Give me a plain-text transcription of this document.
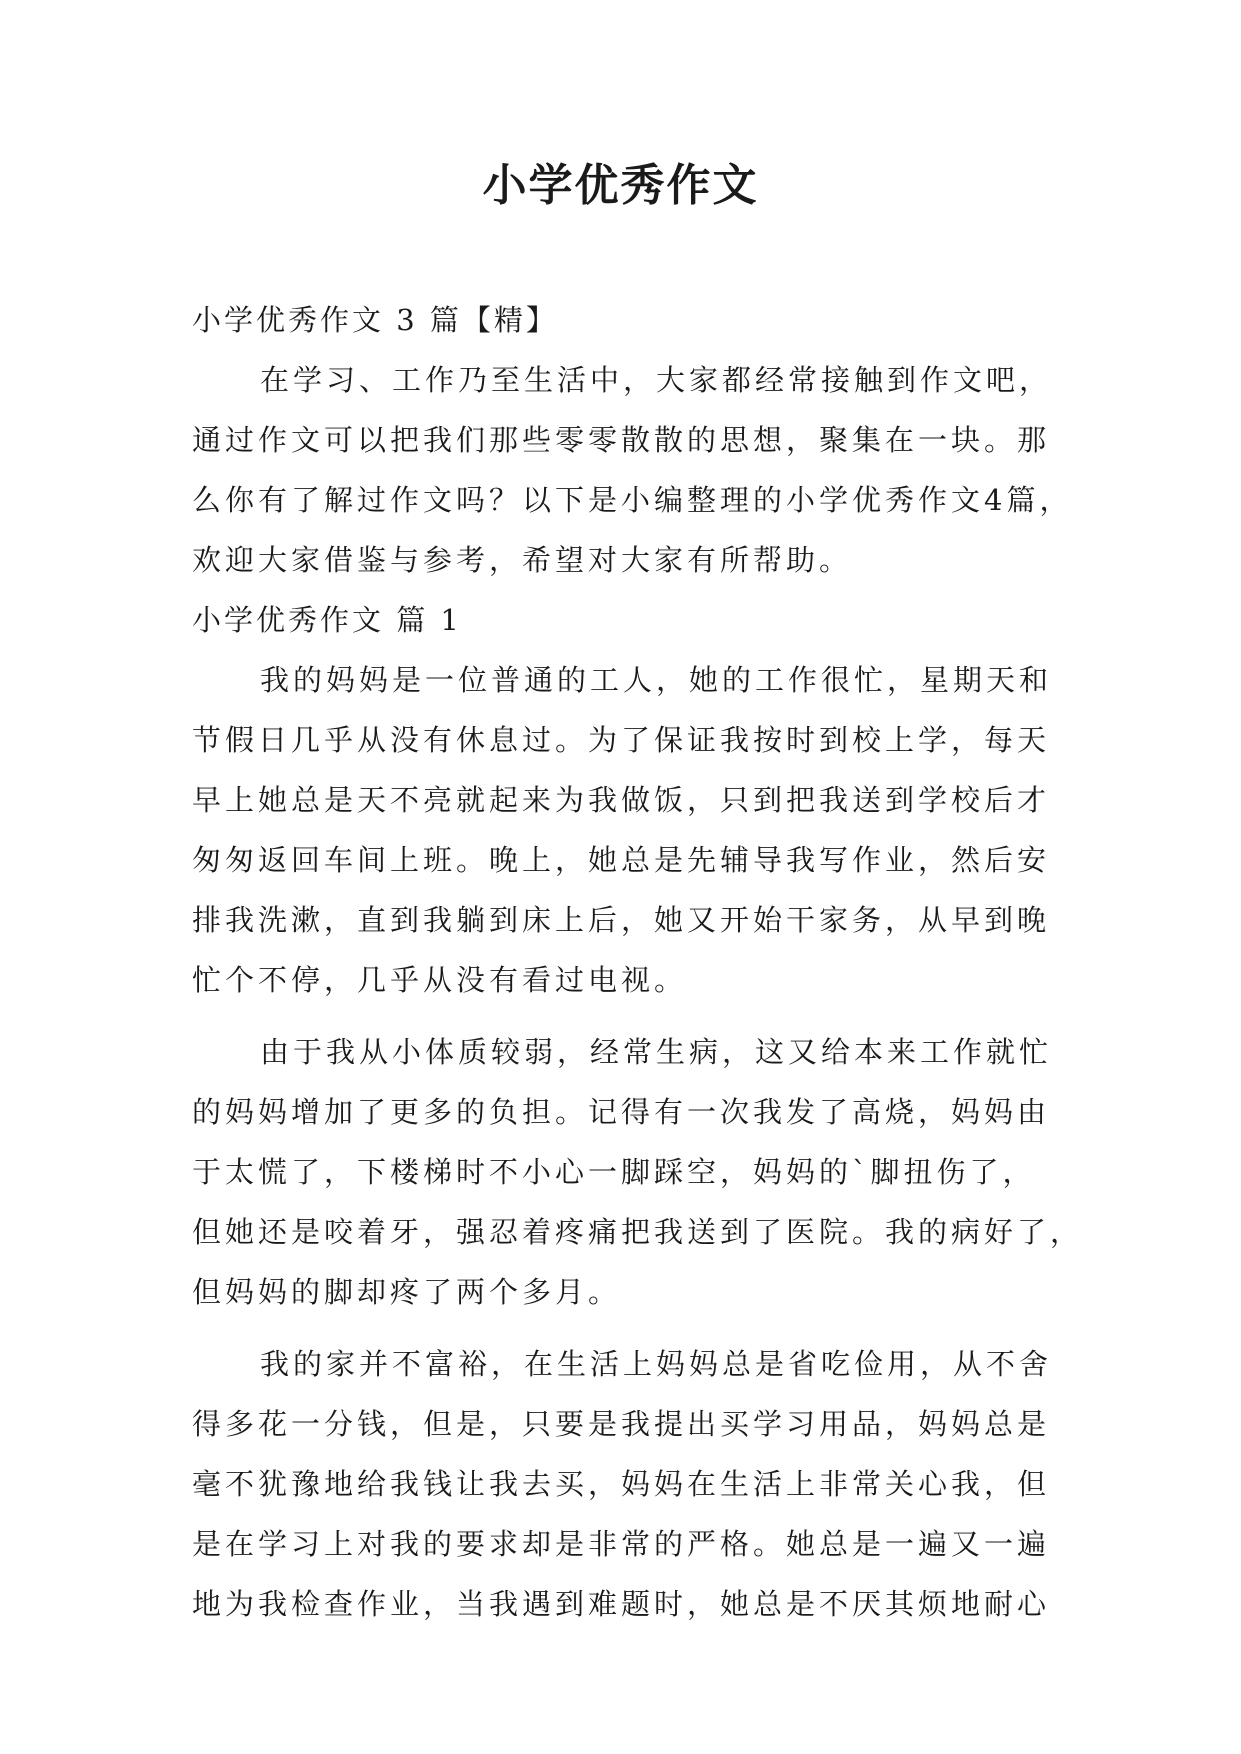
小学优秀作文
小学优秀作文 3 篇【精】
在学习、工作乃至生活中，大家都经常接触到作文吧，
通过作文可以把我们那些零零散散的思想，聚集在一块。那
么你有了解过作文吗？以下是小编整理的小学优秀作文4篇，
欢迎大家借鉴与参考，希望对大家有所帮助。
小学优秀作文 篇 1
我的妈妈是一位普通的工人，她的工作很忙，星期天和
节假日几乎从没有休息过。为了保证我按时到校上学，每天
早上她总是天不亮就起来为我做饭，只到把我送到学校后才
匆匆返回车间上班。晚上，她总是先辅导我写作业，然后安
排我洗漱，直到我躺到床上后，她又开始干家务，从早到晚
忙个不停，几乎从没有看过电视。
由于我从小体质较弱，经常生病，这又给本来工作就忙
的妈妈增加了更多的负担。记得有一次我发了高烧，妈妈由
于太慌了，下楼梯时不小心一脚踩空，妈妈的`脚扭伤了，
但她还是咬着牙，强忍着疼痛把我送到了医院。我的病好了，
但妈妈的脚却疼了两个多月。
我的家并不富裕，在生活上妈妈总是省吃俭用，从不舍
得多花一分钱，但是，只要是我提出买学习用品，妈妈总是
毫不犹豫地给我钱让我去买，妈妈在生活上非常关心我，但
是在学习上对我的要求却是非常的严格。她总是一遍又一遍
地为我检查作业，当我遇到难题时，她总是不厌其烦地耐心
